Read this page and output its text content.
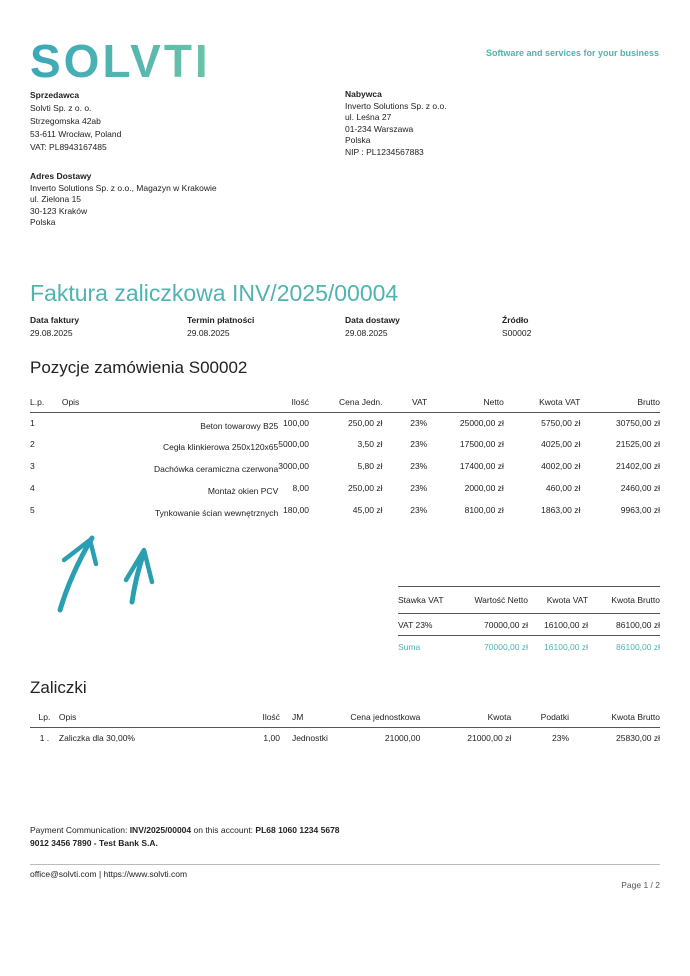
SOLVTI	Software and services for your business
Sprzedawca
Solvti Sp. z o. o.
Strzegomska 42ab
53-611 Wrocław, Poland
VAT: PL8943167485
Nabywca
Inverto Solutions Sp. z o.o.
ul. Leśna 27
01-234 Warszawa
Polska
NIP : PL1234567883
Adres Dostawy
Inverto Solutions Sp. z o.o., Magazyn w Krakowie
ul. Zielona 15
30-123 Kraków
Polska
Faktura zaliczkowa INV/2025/00004
Data faktury
29.08.2025
Termin płatności
29.08.2025
Data dostawy
29.08.2025
Źródło
S00002
Pozycje zamówienia S00002
L.p.	Opis	Ilość	Cena Jedn.	VAT	Netto	Kwota VAT	Brutto
1	Beton towarowy B25	100,00	250,00 zł	23%	25000,00 zł	5750,00 zł	30750,00 zł
2	Cegła klinkierowa 250x120x65	5000,00	3,50 zł	23%	17500,00 zł	4025,00 zł	21525,00 zł
3	Dachówka ceramiczna czerwona	3000,00	5,80 zł	23%	17400,00 zł	4002,00 zł	21402,00 zł
4	Montaż okien PCV	8,00	250,00 zł	23%	2000,00 zł	460,00 zł	2460,00 zł
5	Tynkowanie ścian wewnętrznych	180,00	45,00 zł	23%	8100,00 zł	1863,00 zł	9963,00 zł
Stawka VAT	Wartość Netto	Kwota VAT	Kwota Brutto
VAT 23%	70000,00 zł	16100,00 zł	86100,00 zł
Suma	70000,00 zł	16100,00 zł	86100,00 zł
Zaliczki
Lp.	Opis	Ilość	JM	Cena jednostkowa	Kwota	Podatki	Kwota Brutto
1 .	Zaliczka dla 30,00%	1,00	Jednostki	21000,00	21000,00 zł	23%	25830,00 zł
Payment Communication: INV/2025/00004 on this account: PL68 1060 1234 5678
9012 3456 7890 - Test Bank S.A.
office@solvti.com | https://www.solvti.com
Page 1 / 2
